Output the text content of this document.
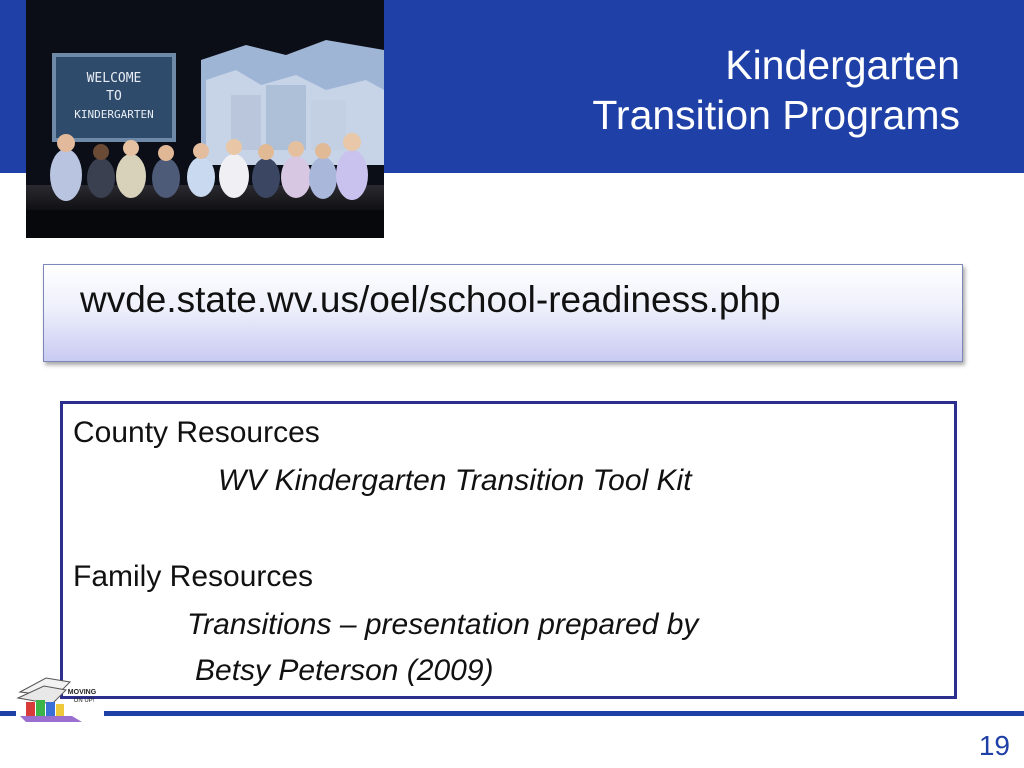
Kindergarten
Transition Programs
WELCOME
TO
KINDERGARTEN
wvde.state.wv.us/oel/school-readiness.php
County Resources
WV Kindergarten Transition Tool Kit
Family Resources
Transitions – presentation prepared by
Betsy Peterson (2009)
MOVING
ON UP!
19
